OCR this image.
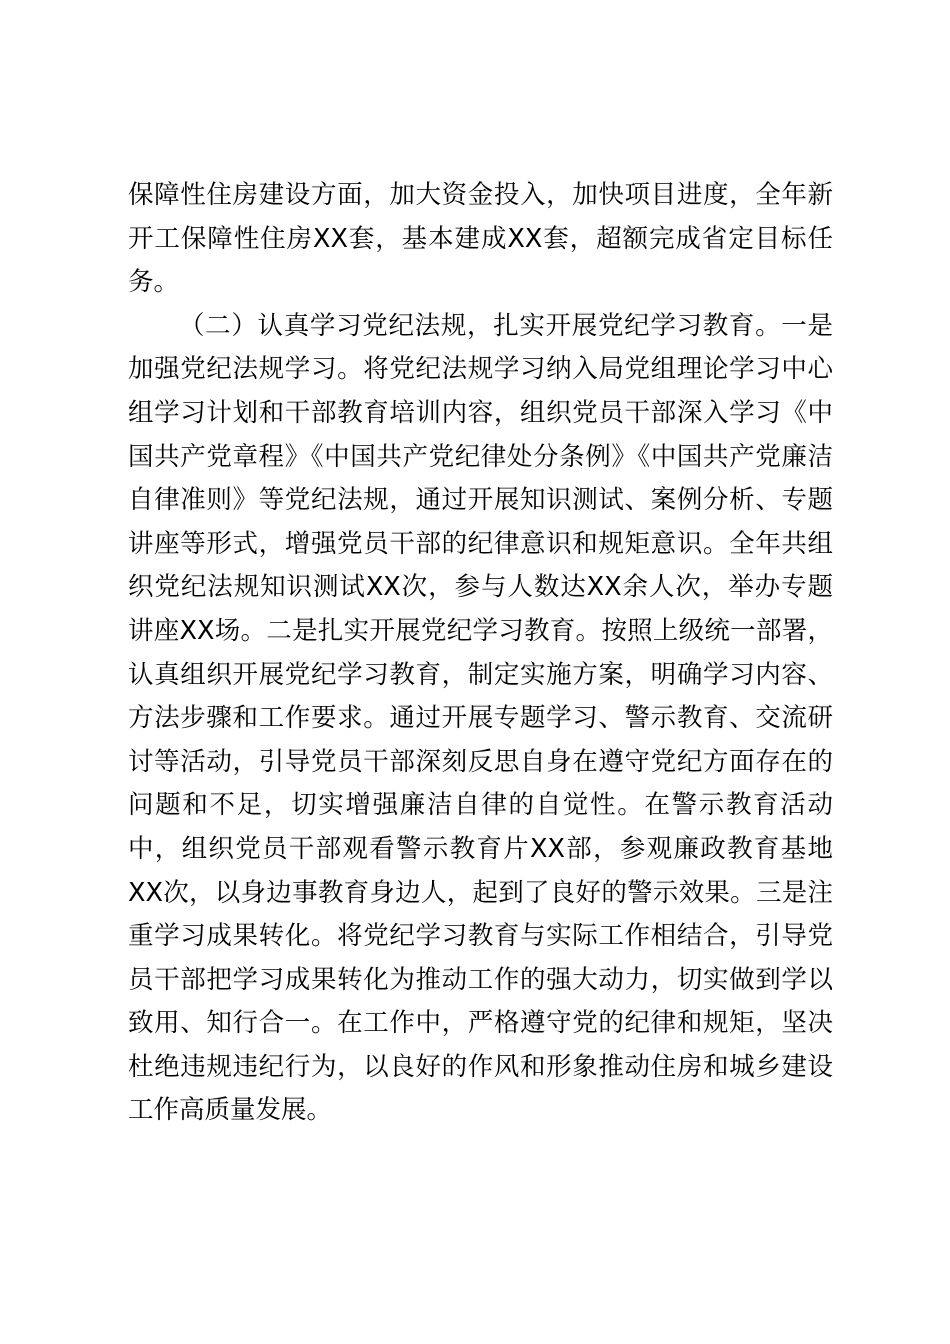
保障性住房建设方面，加大资金投入，加快项目进度，全年新开工保障性住房XX套，基本建成XX套，超额完成省定目标任务。

（二）认真学习党纪法规，扎实开展党纪学习教育。一是加强党纪法规学习。将党纪法规学习纳入局党组理论学习中心组学习计划和干部教育培训内容，组织党员干部深入学习《中国共产党章程》《中国共产党纪律处分条例》《中国共产党廉洁自律准则》等党纪法规，通过开展知识测试、案例分析、专题讲座等形式，增强党员干部的纪律意识和规矩意识。全年共组织党纪法规知识测试XX次，参与人数达XX余人次，举办专题讲座XX场。二是扎实开展党纪学习教育。按照上级统一部署，认真组织开展党纪学习教育，制定实施方案，明确学习内容、方法步骤和工作要求。通过开展专题学习、警示教育、交流研讨等活动，引导党员干部深刻反思自身在遵守党纪方面存在的问题和不足，切实增强廉洁自律的自觉性。在警示教育活动中，组织党员干部观看警示教育片XX部，参观廉政教育基地XX次，以身边事教育身边人，起到了良好的警示效果。三是注重学习成果转化。将党纪学习教育与实际工作相结合，引导党员干部把学习成果转化为推动工作的强大动力，切实做到学以致用、知行合一。在工作中，严格遵守党的纪律和规矩，坚决杜绝违规违纪行为，以良好的作风和形象推动住房和城乡建设工作高质量发展。
